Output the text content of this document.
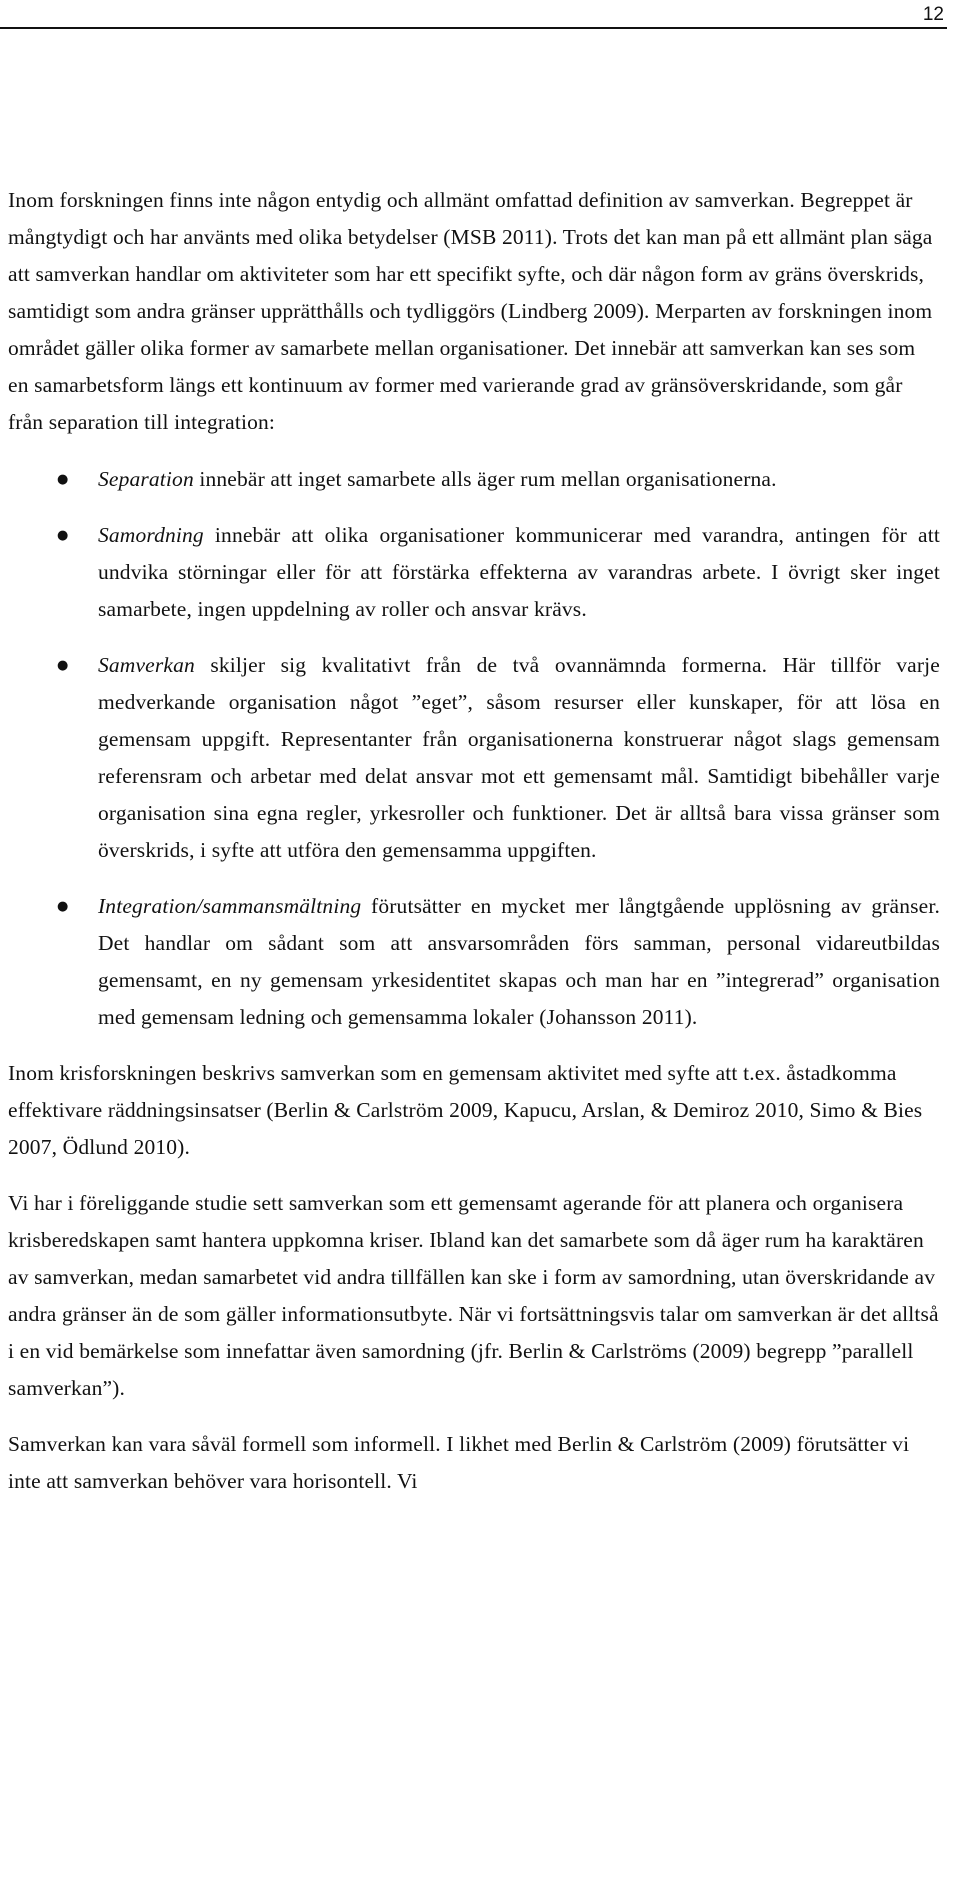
12

Inom forskningen finns inte någon entydig och allmänt omfattad definition av samverkan. Begreppet är mångtydigt och har använts med olika betydelser (MSB 2011). Trots det kan man på ett allmänt plan säga att samverkan handlar om aktiviteter som har ett specifikt syfte, och där någon form av gräns överskrids, samtidigt som andra gränser upprätthålls och tydliggörs (Lindberg 2009). Merparten av forskningen inom området gäller olika former av samarbete mellan organisationer. Det innebär att samverkan kan ses som en samarbetsform längs ett kontinuum av former med varierande grad av gränsöverskridande, som går från separation till integration:

● Separation innebär att inget samarbete alls äger rum mellan organisationerna.
● Samordning innebär att olika organisationer kommunicerar med varandra, antingen för att undvika störningar eller för att förstärka effekterna av varandras arbete. I övrigt sker inget samarbete, ingen uppdelning av roller och ansvar krävs.
● Samverkan skiljer sig kvalitativt från de två ovannämnda formerna. Här tillför varje medverkande organisation något ”eget”, såsom resurser eller kunskaper, för att lösa en gemensam uppgift. Representanter från organisationerna konstruerar något slags gemensam referensram och arbetar med delat ansvar mot ett gemensamt mål. Samtidigt bibehåller varje organisation sina egna regler, yrkesroller och funktioner. Det är alltså bara vissa gränser som överskrids, i syfte att utföra den gemensamma uppgiften.
● Integration/sammansmältning förutsätter en mycket mer långtgående upplösning av gränser. Det handlar om sådant som att ansvarsområden förs samman, personal vidareutbildas gemensamt, en ny gemensam yrkesidentitet skapas och man har en ”integrerad” organisation med gemensam ledning och gemensamma lokaler (Johansson 2011).

Inom krisforskningen beskrivs samverkan som en gemensam aktivitet med syfte att t.ex. åstadkomma effektivare räddningsinsatser (Berlin & Carlström 2009, Kapucu, Arslan, & Demiroz 2010, Simo & Bies 2007, Ödlund 2010).

Vi har i föreliggande studie sett samverkan som ett gemensamt agerande för att planera och organisera krisberedskapen samt hantera uppkomna kriser. Ibland kan det samarbete som då äger rum ha karaktären av samverkan, medan samarbetet vid andra tillfällen kan ske i form av samordning, utan överskridande av andra gränser än de som gäller informationsutbyte. När vi fortsättningsvis talar om samverkan är det alltså i en vid bemärkelse som innefattar även samordning (jfr. Berlin & Carlströms (2009) begrepp ”parallell samverkan”).

Samverkan kan vara såväl formell som informell. I likhet med Berlin & Carlström (2009) förutsätter vi inte att samverkan behöver vara horisontell. Vi
